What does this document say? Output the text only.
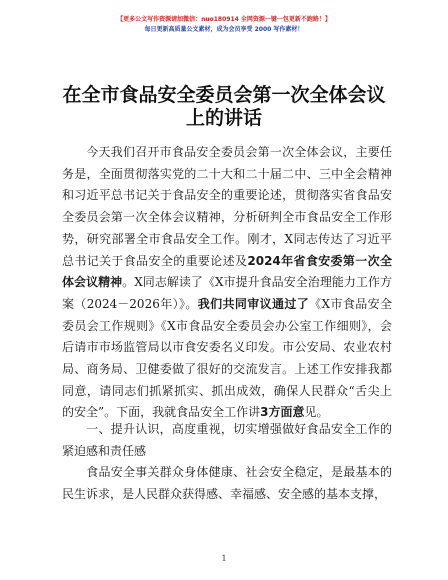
【更多公文写作资源请加微信：nuo180914 全网资源一键一包更新不跑路！】
每日更新高质量公文素材，成为会员享受 2000 写作素材！
在全市食品安全委员会第一次全体会议上的讲话

今天我们召开市食品安全委员会第一次全体会议，主要任务是，全面贯彻落实党的二十大和二十届二中、三中全会精神和习近平总书记关于食品安全的重要论述，贯彻落实省食品安全委员会第一次全体会议精神，分析研判全市食品安全工作形势，研究部署全市食品安全工作。刚才，X同志传达了习近平总书记关于食品安全的重要论述及2024年省食安委第一次全体会议精神。X同志解读了《X市提升食品安全治理能力工作方案（2024－2026年）》。我们共同审议通过了《X市食品安全委员会工作规则》《X市食品安全委员会办公室工作细则》，会后请市市场监管局以市食安委名义印发。市公安局、农业农村局、商务局、卫健委做了很好的交流发言。上述工作安排我都同意，请同志们抓紧抓实、抓出成效，确保人民群众“舌尖上的安全”。下面，我就食品安全工作讲3方面意见。

一、提升认识，高度重视，切实增强做好食品安全工作的紧迫感和责任感

食品安全事关群众身体健康、社会安全稳定，是最基本的民生诉求，是人民群众获得感、幸福感、安全感的基本支撑，

1
